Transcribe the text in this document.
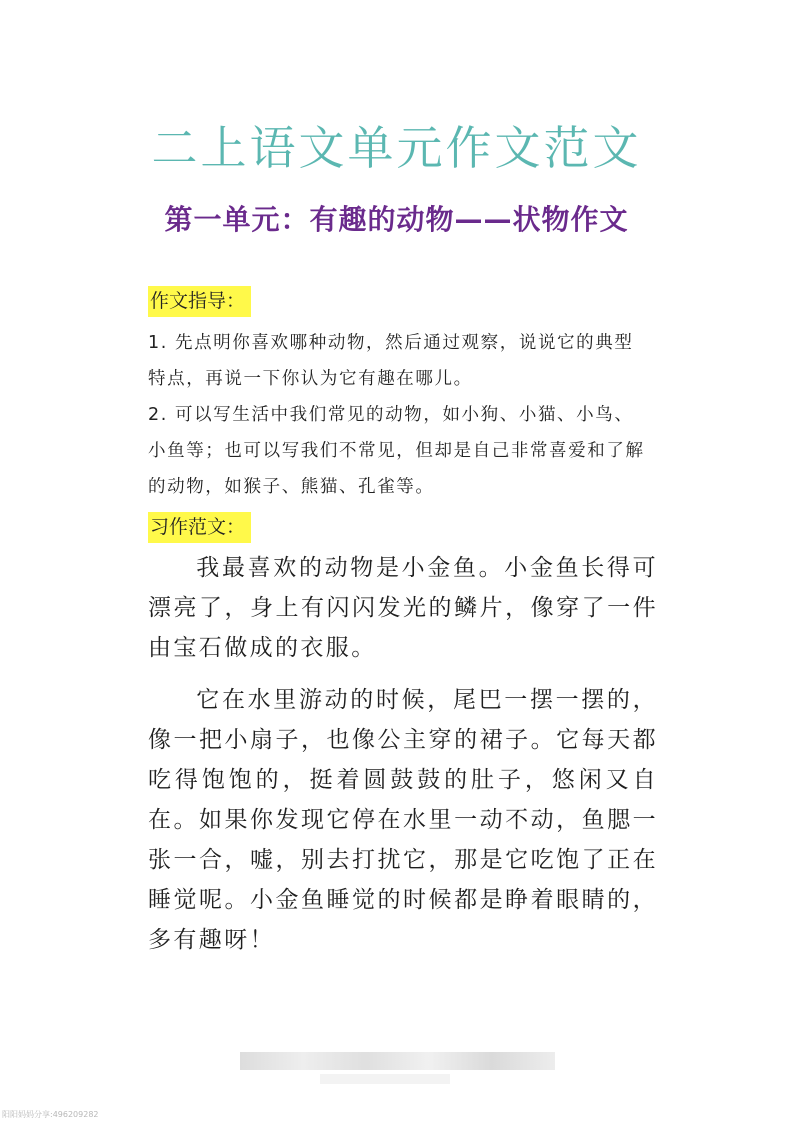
二上语文单元作文范文
第一单元：有趣的动物——状物作文
作文指导：

1. 先点明你喜欢哪种动物，然后通过观察，说说它的典型特点，再说一下你认为它有趣在哪儿。

2. 可以写生活中我们常见的动物，如小狗、小猫、小鸟、小鱼等；也可以写我们不常见，但却是自己非常喜爱和了解的动物，如猴子、熊猫、孔雀等。

习作范文：

我最喜欢的动物是小金鱼。小金鱼长得可漂亮了，身上有闪闪发光的鳞片，像穿了一件由宝石做成的衣服。

它在水里游动的时候，尾巴一摆一摆的，像一把小扇子，也像公主穿的裙子。它每天都吃得饱饱的，挺着圆鼓鼓的肚子，悠闲又自在。如果你发现它停在水里一动不动，鱼腮一张一合，嘘，别去打扰它，那是它吃饱了正在睡觉呢。小金鱼睡觉的时候都是睁着眼睛的，多有趣呀！

阳阳妈妈分享:496209282
